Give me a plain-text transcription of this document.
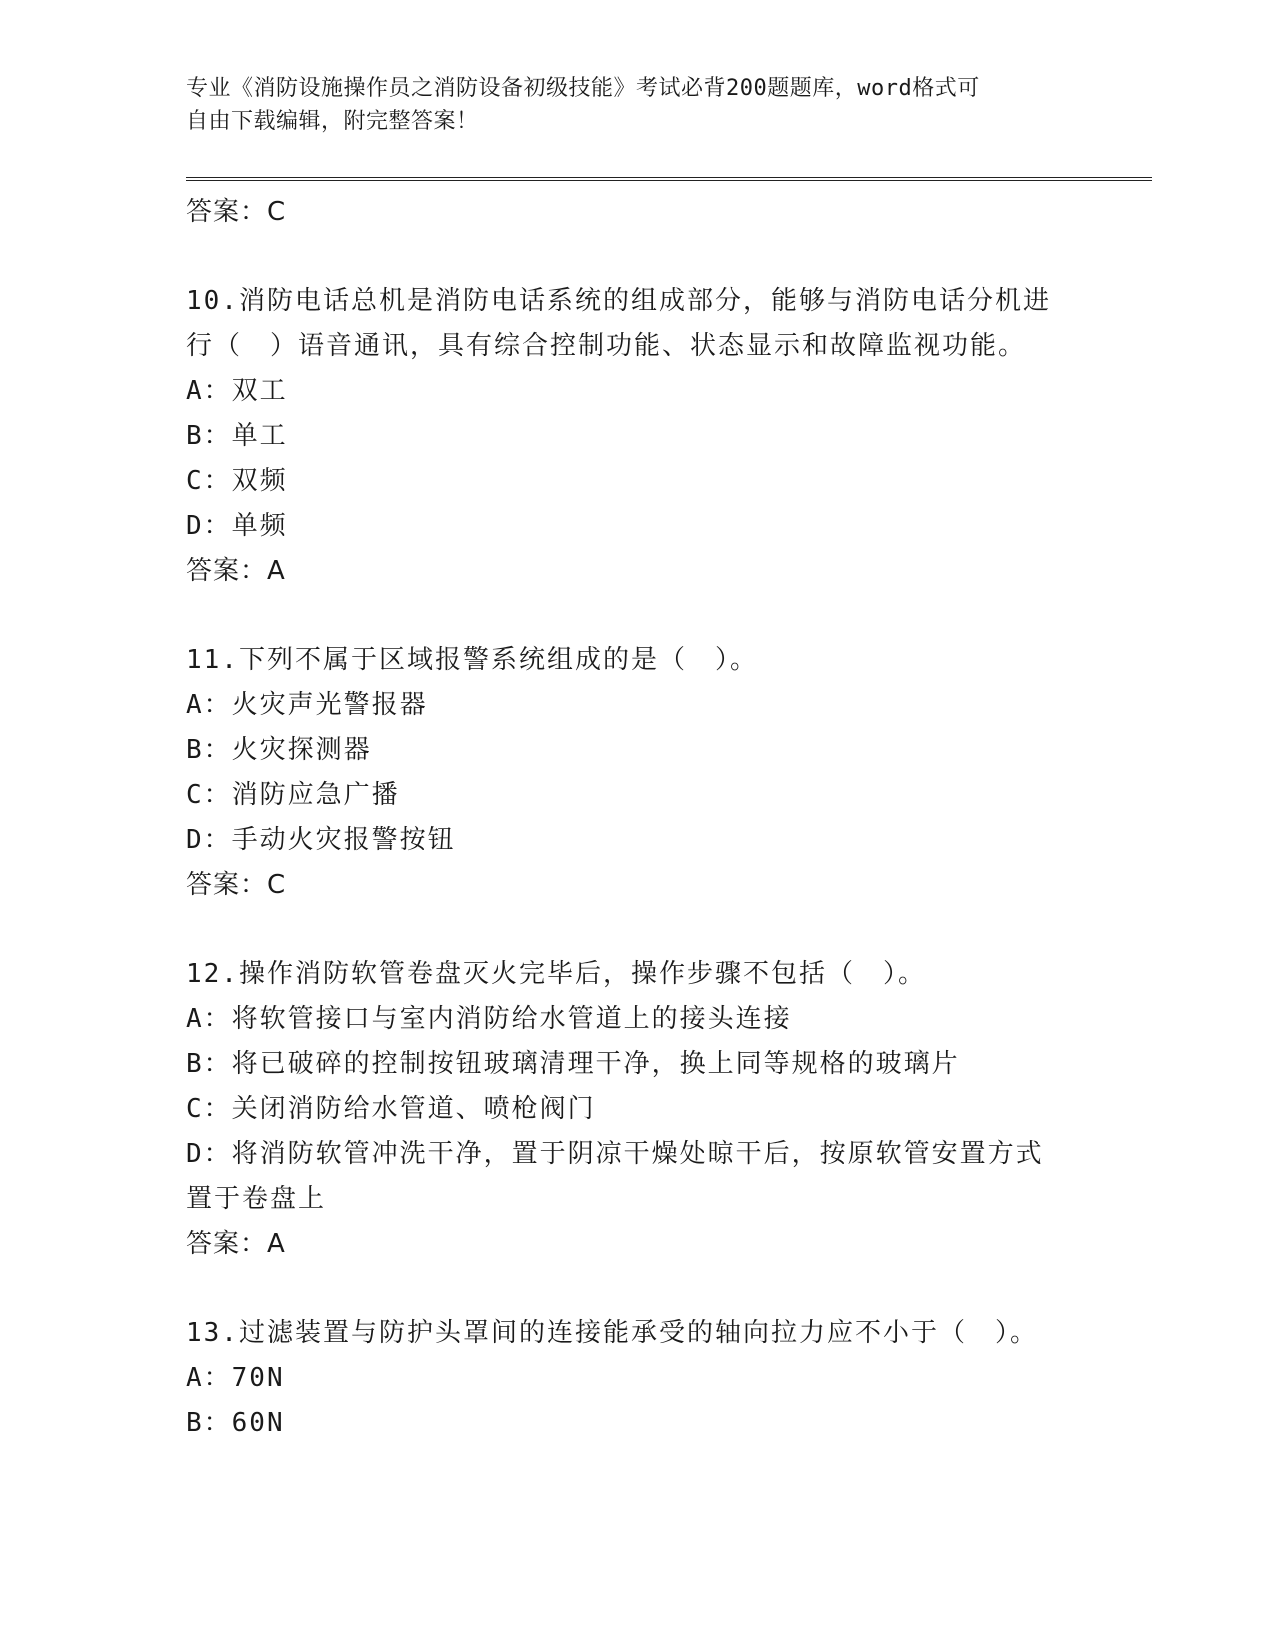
专业《消防设施操作员之消防设备初级技能》考试必背200题题库，word格式可
自由下载编辑，附完整答案！
答案：C
10.消防电话总机是消防电话系统的组成部分，能够与消防电话分机进
行（　）语音通讯，具有综合控制功能、状态显示和故障监视功能。
A：双工
B：单工
C：双频
D：单频
答案：A
11.下列不属于区域报警系统组成的是（　）。
A：火灾声光警报器
B：火灾探测器
C：消防应急广播
D：手动火灾报警按钮
答案：C
12.操作消防软管卷盘灭火完毕后，操作步骤不包括（　）。
A：将软管接口与室内消防给水管道上的接头连接
B：将已破碎的控制按钮玻璃清理干净，换上同等规格的玻璃片
C：关闭消防给水管道、喷枪阀门
D：将消防软管冲洗干净，置于阴凉干燥处晾干后，按原软管安置方式
置于卷盘上
答案：A
13.过滤装置与防护头罩间的连接能承受的轴向拉力应不小于（　）。
A：70N
B：60N
